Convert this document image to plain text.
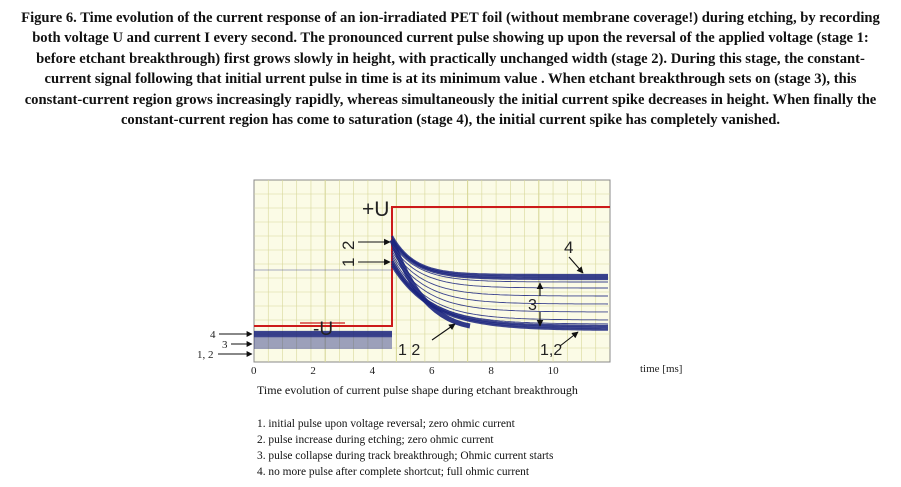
Figure 6. Time evolution of the current response of an ion-irradiated PET foil (without membrane coverage!) during etching, by recording both voltage U and current I every second. The pronounced current pulse showing up upon the reversal of the applied voltage (stage 1: before etchant breakthrough) first grows slowly in height, with practically unchanged width (stage 2). During this stage, the constant-current signal following that initial urrent pulse in time is at its minimum value . When etchant breakthrough sets on (stage 3), this constant-current region grows increasingly rapidly, whereas simultaneously the initial current spike decreases in height. When finally the constant-current region has come to saturation (stage 4), the initial current spike has completely vanished.
+U
-U
2
1
4
3
1 2	1,2
4
3
1, 2
0	2	4	6	8	10	time [ms]
Time evolution of current pulse shape during etchant breakthrough
1. initial pulse upon voltage reversal; zero ohmic current
2. pulse increase during etching; zero ohmic current
3. pulse collapse during track breakthrough; Ohmic current starts
4. no more pulse after complete shortcut; full ohmic current
